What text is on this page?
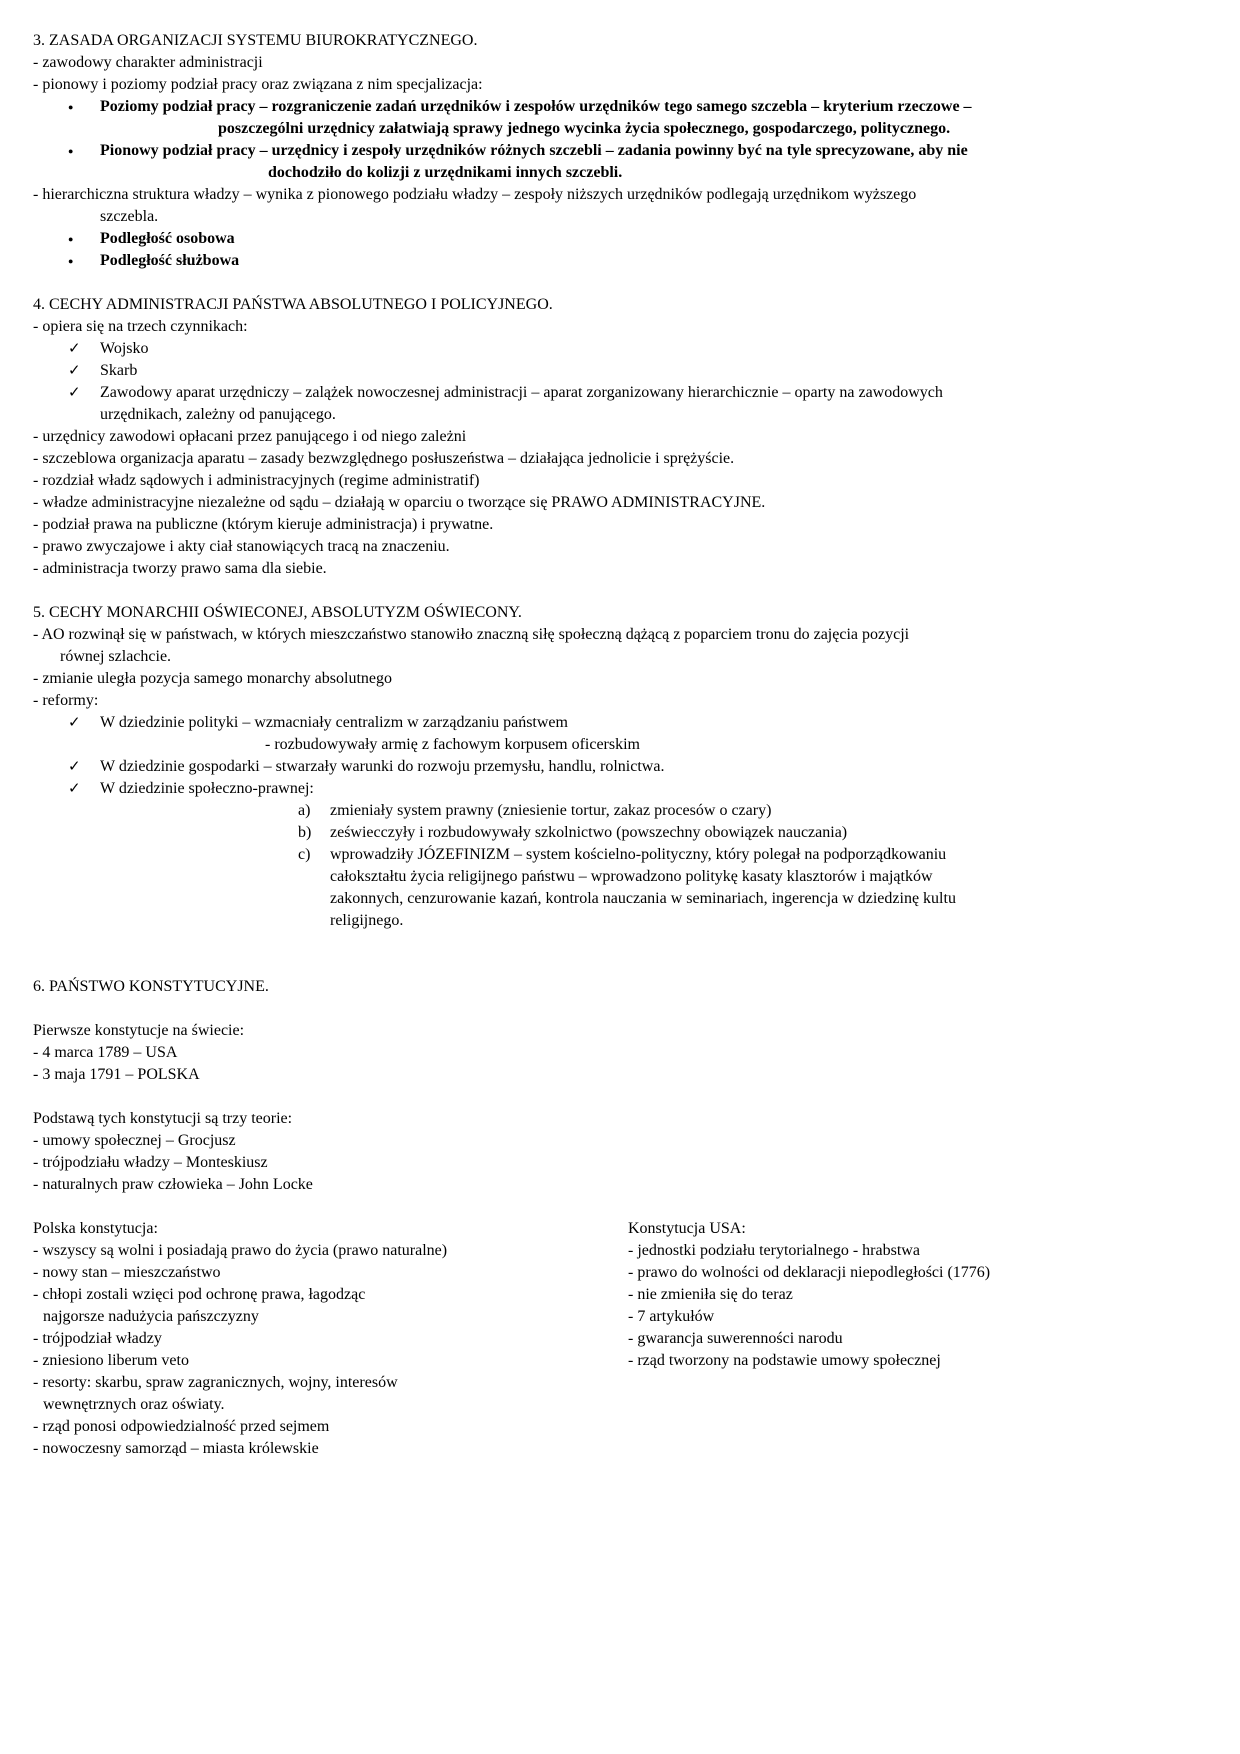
3. ZASADA ORGANIZACJI SYSTEMU BIUROKRATYCZNEGO.
- zawodowy charakter administracji
- pionowy i poziomy podział pracy oraz związana z nim specjalizacja:
● Poziomy podział pracy – rozgraniczenie zadań urzędników i zespołów urzędników tego samego szczebla – kryterium rzeczowe –
poszczególni urzędnicy załatwiają sprawy jednego wycinka życia społecznego, gospodarczego, politycznego.
● Pionowy podział pracy – urzędnicy i zespoły urzędników różnych szczebli – zadania powinny być na tyle sprecyzowane, aby nie
dochodziło do kolizji z urzędnikami innych szczebli.
- hierarchiczna struktura władzy – wynika z pionowego podziału władzy – zespoły niższych urzędników podlegają urzędnikom wyższego
szczebla.
● Podległość osobowa
● Podległość służbowa
4. CECHY ADMINISTRACJI PAŃSTWA ABSOLUTNEGO I POLICYJNEGO.
- opiera się na trzech czynnikach:
✓ Wojsko
✓ Skarb
✓ Zawodowy aparat urzędniczy – zalążek nowoczesnej administracji – aparat zorganizowany hierarchicznie – oparty na zawodowych
urzędnikach, zależny od panującego.
- urzędnicy zawodowi opłacani przez panującego i od niego zależni
- szczeblowa organizacja aparatu – zasady bezwzględnego posłuszeństwa – działająca jednolicie i sprężyście.
- rozdział władz sądowych i administracyjnych (regime administratif)
- władze administracyjne niezależne od sądu – działają w oparciu o tworzące się PRAWO ADMINISTRACYJNE.
- podział prawa na publiczne (którym kieruje administracja) i prywatne.
- prawo zwyczajowe i akty ciał stanowiących tracą na znaczeniu.
- administracja tworzy prawo sama dla siebie.
5. CECHY MONARCHII OŚWIECONEJ, ABSOLUTYZM OŚWIECONY.
- AO rozwinął się w państwach, w których mieszczaństwo stanowiło znaczną siłę społeczną dążącą z poparciem tronu do zajęcia pozycji
równej szlachcie.
- zmianie uległa pozycja samego monarchy absolutnego
- reformy:
✓ W dziedzinie polityki – wzmacniały centralizm w zarządzaniu państwem
- rozbudowywały armię z fachowym korpusem oficerskim
✓ W dziedzinie gospodarki – stwarzały warunki do rozwoju przemysłu, handlu, rolnictwa.
✓ W dziedzinie społeczno-prawnej:
a) zmieniały system prawny (zniesienie tortur, zakaz procesów o czary)
b) zeświecczyły i rozbudowywały szkolnictwo (powszechny obowiązek nauczania)
c) wprowadziły JÓZEFINIZM – system kościelno-polityczny, który polegał na podporządkowaniu
całokształtu życia religijnego państwu – wprowadzono politykę kasaty klasztorów i majątków
zakonnych, cenzurowanie kazań, kontrola nauczania w seminariach, ingerencja w dziedzinę kultu
religijnego.
6. PAŃSTWO KONSTYTUCYJNE.
Pierwsze konstytucje na świecie:
- 4 marca 1789 – USA
- 3 maja 1791 – POLSKA
Podstawą tych konstytucji są trzy teorie:
- umowy społecznej – Grocjusz
- trójpodziału władzy – Monteskiusz
- naturalnych praw człowieka – John Locke
Polska konstytucja:
- wszyscy są wolni i posiadają prawo do życia (prawo naturalne)
- nowy stan – mieszczaństwo
- chłopi zostali wzięci pod ochronę prawa, łagodząc
najgorsze nadużycia pańszczyzny
- trójpodział władzy
- zniesiono liberum veto
- resorty: skarbu, spraw zagranicznych, wojny, interesów
wewnętrznych oraz oświaty.
- rząd ponosi odpowiedzialność przed sejmem
- nowoczesny samorząd – miasta królewskie
Konstytucja USA:
- jednostki podziału terytorialnego - hrabstwa
- prawo do wolności od deklaracji niepodległości (1776)
- nie zmieniła się do teraz
- 7 artykułów
- gwarancja suwerenności narodu
- rząd tworzony na podstawie umowy społecznej
